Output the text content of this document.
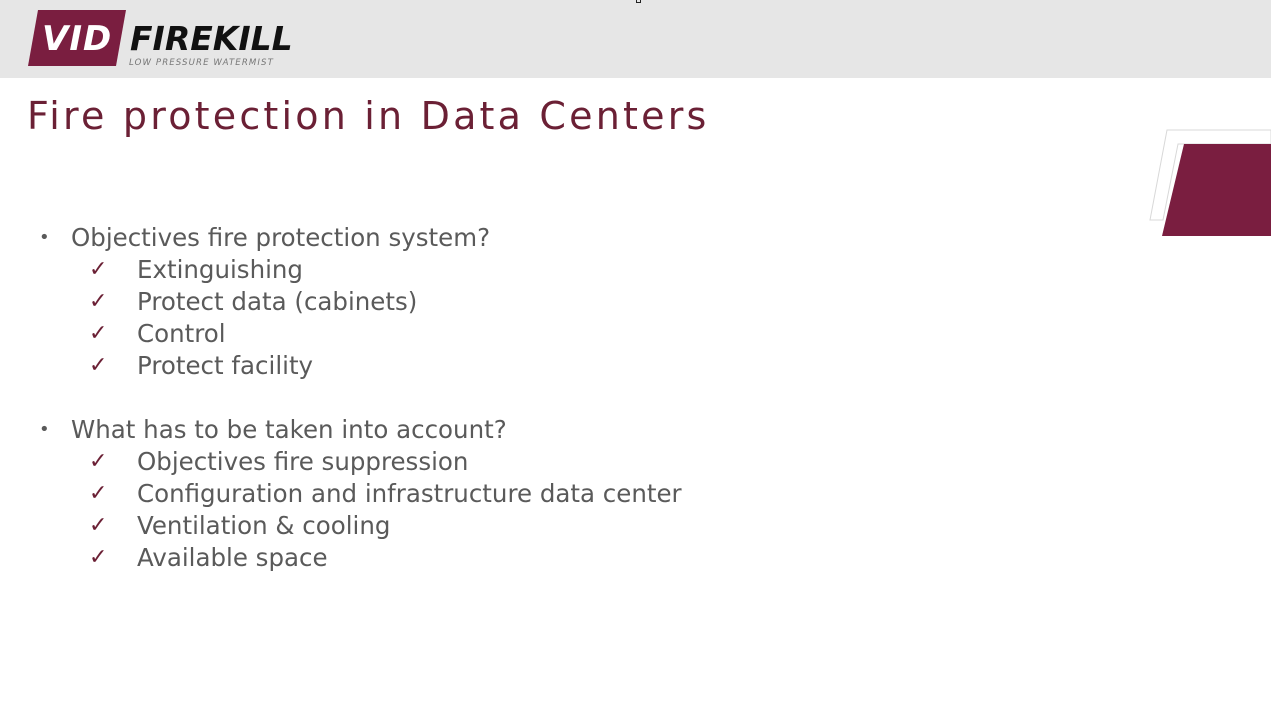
VID FIREKILL
LOW PRESSURE WATERMIST
Fire protection in Data Centers
• Objectives fire protection system?
✓ Extinguishing
✓ Protect data (cabinets)
✓ Control
✓ Protect facility
• What has to be taken into account?
✓ Objectives fire suppression
✓ Configuration and infrastructure data center
✓ Ventilation & cooling
✓ Available space
